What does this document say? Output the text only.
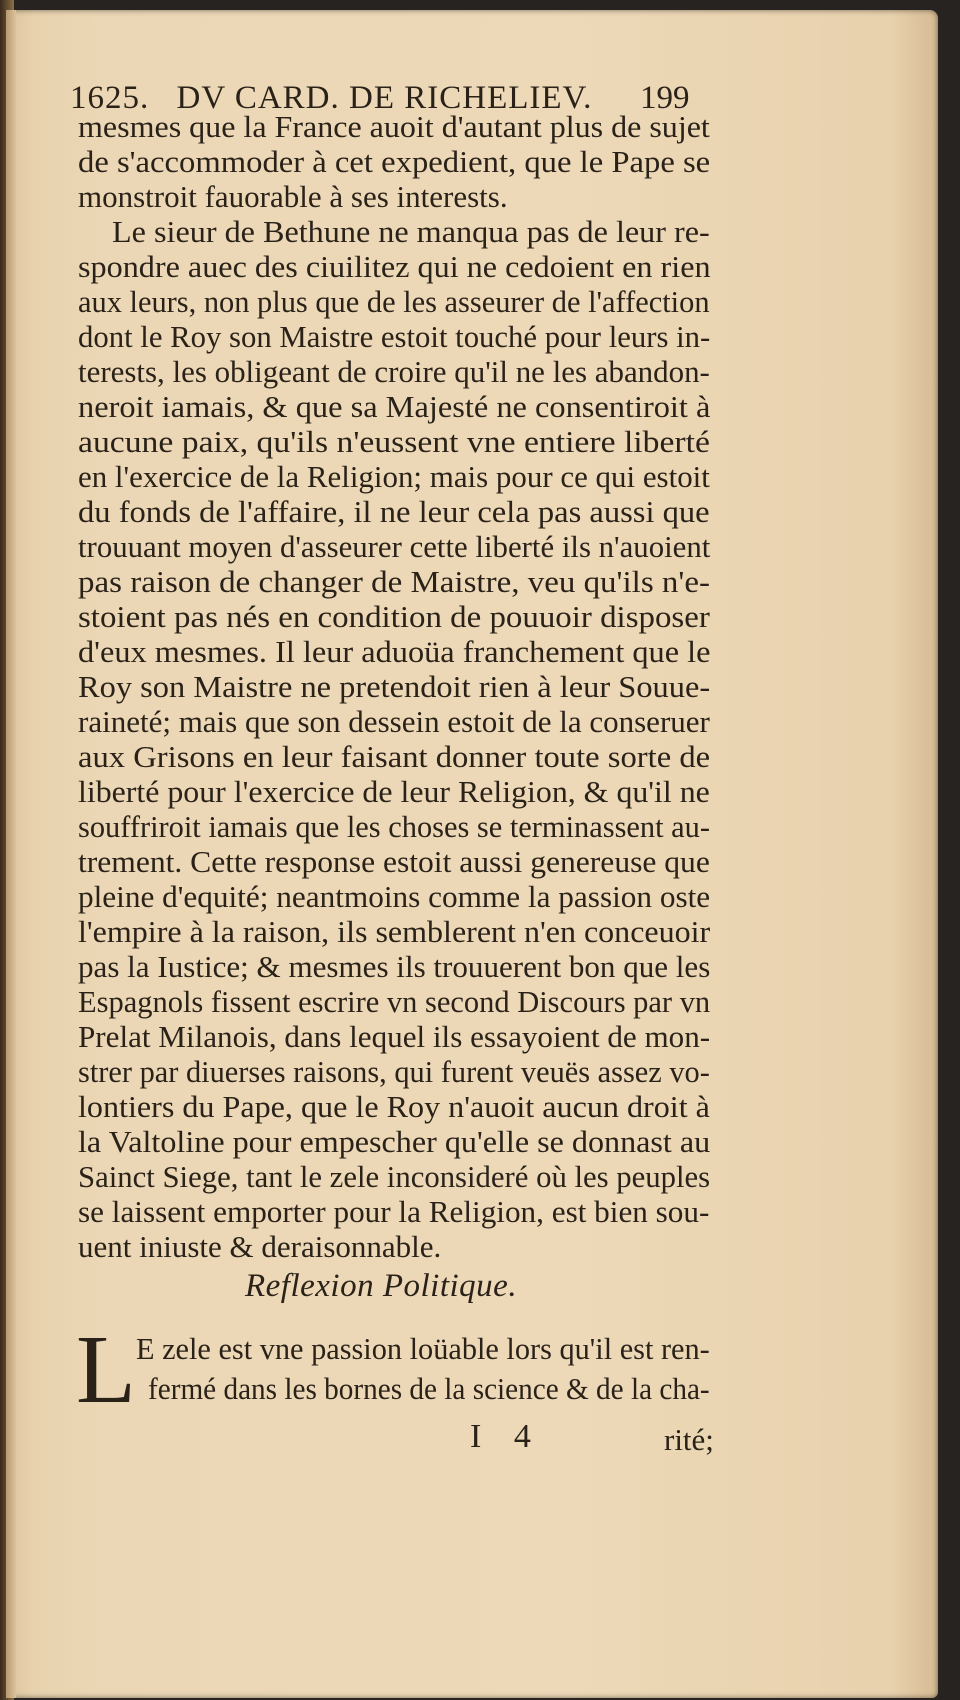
1625. DV CARD. DE RICHELIEV.	199
mesmes que la France auoit d'autant plus de sujet
de s'accommoder à cet expedient, que le Pape se
monstroit fauorable à ses interests.
Le sieur de Bethune ne manqua pas de leur re-
spondre auec des ciuilitez qui ne cedoient en rien
aux leurs, non plus que de les asseurer de l'affection
dont le Roy son Maistre estoit touché pour leurs in-
terests, les obligeant de croire qu'il ne les abandon-
neroit iamais, & que sa Majesté ne consentiroit à
aucune paix, qu'ils n'eussent vne entiere liberté
en l'exercice de la Religion; mais pour ce qui estoit
du fonds de l'affaire, il ne leur cela pas aussi que
trouuant moyen d'asseurer cette liberté ils n'auoient
pas raison de changer de Maistre, veu qu'ils n'e-
stoient pas nés en condition de pouuoir disposer
d'eux mesmes. Il leur aduoüa franchement que le
Roy son Maistre ne pretendoit rien à leur Souue-
raineté; mais que son dessein estoit de la conseruer
aux Grisons en leur faisant donner toute sorte de
liberté pour l'exercice de leur Religion, & qu'il ne
souffriroit iamais que les choses se terminassent au-
trement. Cette response estoit aussi genereuse que
pleine d'equité; neantmoins comme la passion oste
l'empire à la raison, ils semblerent n'en conceuoir
pas la Iustice; & mesmes ils trouuerent bon que les
Espagnols fissent escrire vn second Discours par vn
Prelat Milanois, dans lequel ils essayoient de mon-
strer par diuerses raisons, qui furent veuës assez vo-
lontiers du Pape, que le Roy n'auoit aucun droit à
la Valtoline pour empescher qu'elle se donnast au
Sainct Siege, tant le zele inconsideré où les peuples
se laissent emporter pour la Religion, est bien sou-
uent iniuste & deraisonnable.
Reflexion Politique.
L E zele est vne passion loüable lors qu'il est ren-
fermé dans les bornes de la science & de la cha-
I 4	rité;
